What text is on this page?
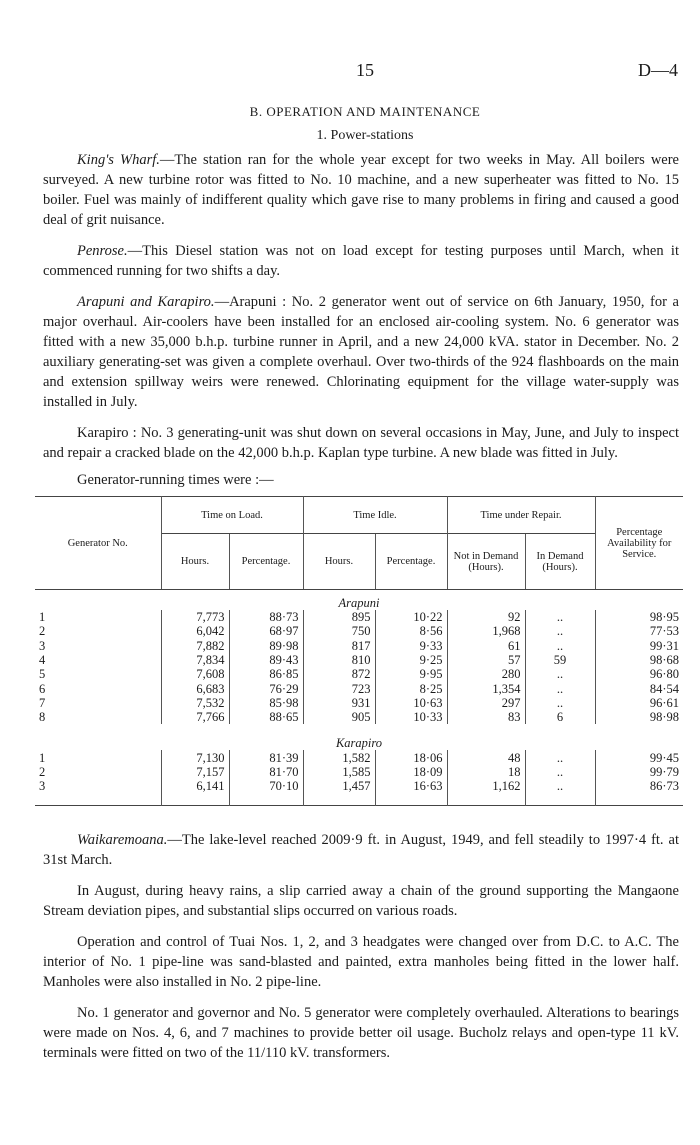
15	D—4
B. OPERATION AND MAINTENANCE
1. Power-stations

King's Wharf.—The station ran for the whole year except for two weeks in May. All boilers were surveyed. A new turbine rotor was fitted to No. 10 machine, and a new superheater was fitted to No. 15 boiler. Fuel was mainly of indifferent quality which gave rise to many problems in firing and caused a good deal of grit nuisance.

Penrose.—This Diesel station was not on load except for testing purposes until March, when it commenced running for two shifts a day.

Arapuni and Karapiro.—Arapuni : No. 2 generator went out of service on 6th January, 1950, for a major overhaul. Air-coolers have been installed for an enclosed air-cooling system. No. 6 generator was fitted with a new 35,000 b.h.p. turbine runner in April, and a new 24,000 kVA. stator in December. No. 2 auxiliary generating-set was given a complete overhaul. Over two-thirds of the 924 flashboards on the main and extension spillway weirs were renewed. Chlorinating equipment for the village water-supply was installed in July.

Karapiro : No. 3 generating-unit was shut down on several occasions in May, June, and July to inspect and repair a cracked blade on the 42,000 b.h.p. Kaplan type turbine. A new blade was fitted in July.

Generator-running times were :—
Generator No.	Time on Load.		Time Idle.		Time under Repair.		Percentage Availability for Service.
	Hours.	Percentage.	Hours.	Percentage.	Not in Demand (Hours).	In Demand (Hours).	
Arapuni							
1	7,773	88·73	895	10·22	92	..	98·95
2	6,042	68·97	750	8·56	1,968	..	77·53
3	7,882	89·98	817	9·33	61	..	99·31
4	7,834	89·43	810	9·25	57	59	98·68
5	7,608	86·85	872	9·95	280	..	96·80
6	6,683	76·29	723	8·25	1,354	..	84·54
7	7,532	85·98	931	10·63	297	..	96·61
8	7,766	88·65	905	10·33	83	6	98·98
Karapiro							
1	7,130	81·39	1,582	18·06	48	..	99·45
2	7,157	81·70	1,585	18·09	18	..	99·79
3	6,141	70·10	1,457	16·63	1,162	..	86·73

Waikaremoana.—The lake-level reached 2009·9 ft. in August, 1949, and fell steadily to 1997·4 ft. at 31st March.

In August, during heavy rains, a slip carried away a chain of the ground supporting the Mangaone Stream deviation pipes, and substantial slips occurred on various roads.

Operation and control of Tuai Nos. 1, 2, and 3 headgates were changed over from D.C. to A.C. The interior of No. 1 pipe-line was sand-blasted and painted, extra manholes being fitted in the lower half. Manholes were also installed in No. 2 pipe-line.

No. 1 generator and governor and No. 5 generator were completely overhauled. Alterations to bearings were made on Nos. 4, 6, and 7 machines to provide better oil usage. Bucholz relays and open-type 11 kV. terminals were fitted on two of the 11/110 kV. transformers.
